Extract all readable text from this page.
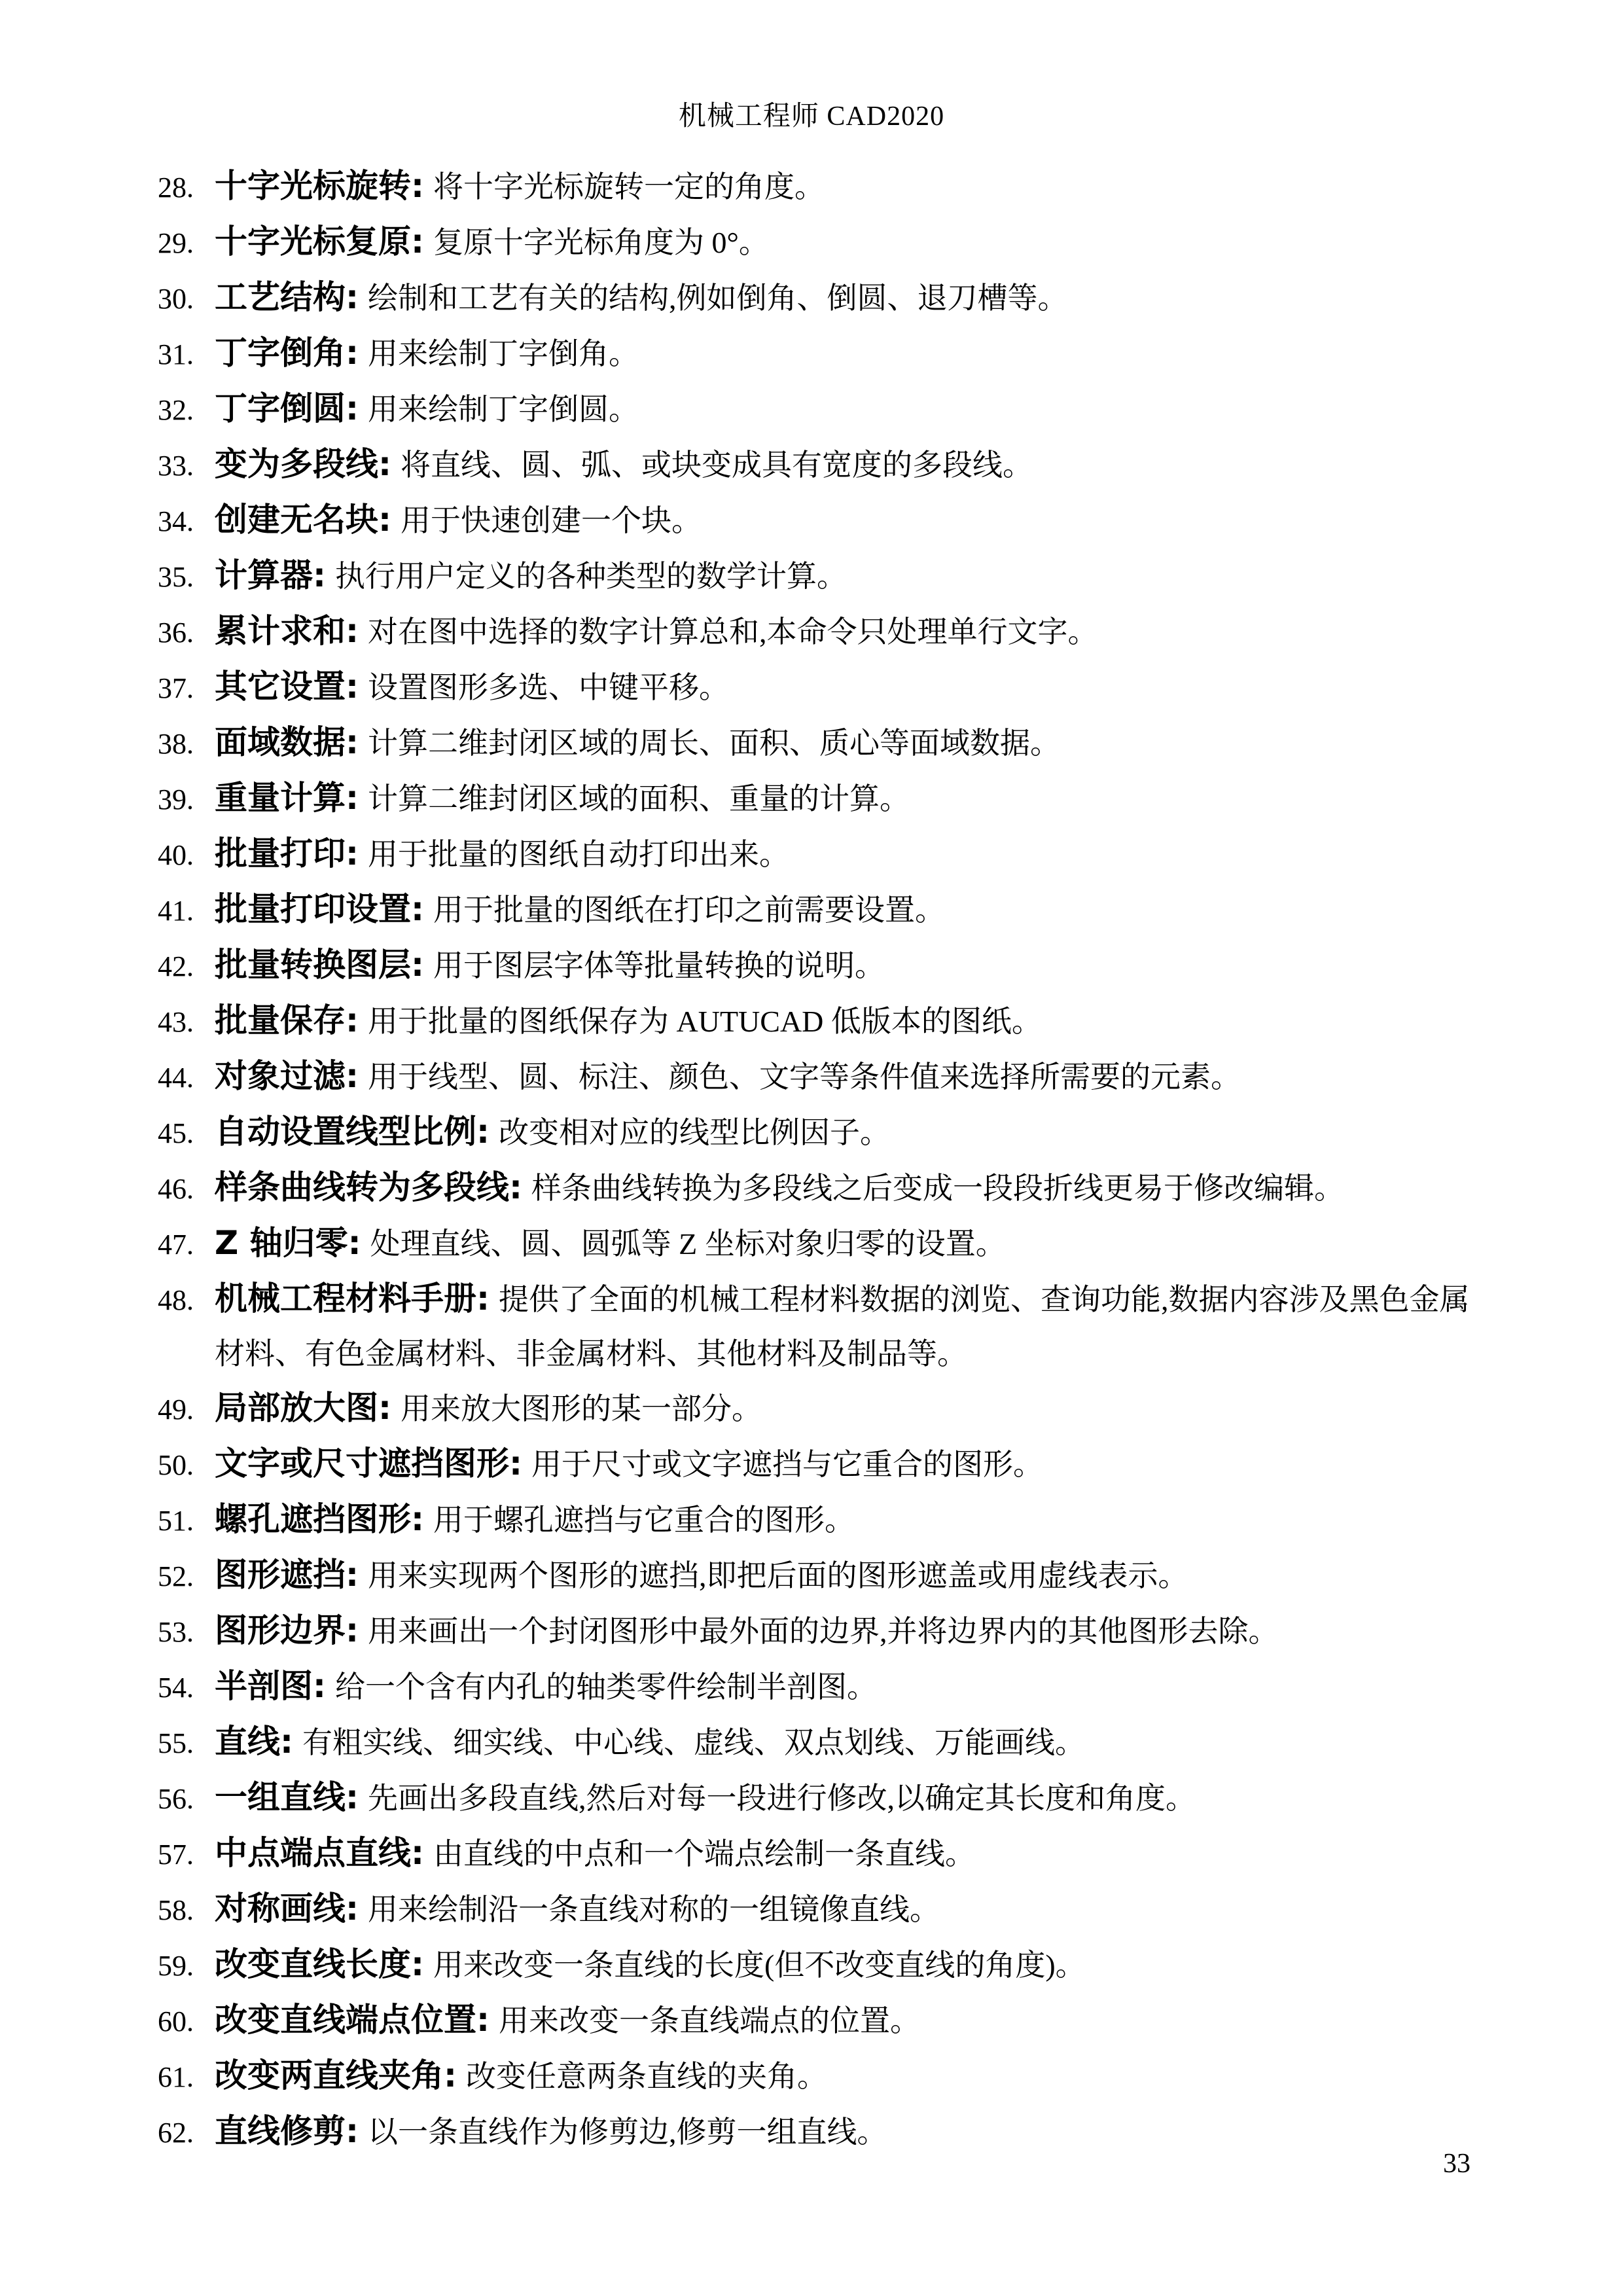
机械工程师 CAD2020
28. 十字光标旋转: 将十字光标旋转一定的角度。
29. 十字光标复原: 复原十字光标角度为 0°。
30. 工艺结构: 绘制和工艺有关的结构,例如倒角、倒圆、退刀槽等。
31. 丁字倒角: 用来绘制丁字倒角。
32. 丁字倒圆: 用来绘制丁字倒圆。
33. 变为多段线: 将直线、圆、弧、或块变成具有宽度的多段线。
34. 创建无名块: 用于快速创建一个块。
35. 计算器: 执行用户定义的各种类型的数学计算。
36. 累计求和: 对在图中选择的数字计算总和,本命令只处理单行文字。
37. 其它设置: 设置图形多选、中键平移。
38. 面域数据: 计算二维封闭区域的周长、面积、质心等面域数据。
39. 重量计算: 计算二维封闭区域的面积、重量的计算。
40. 批量打印: 用于批量的图纸自动打印出来。
41. 批量打印设置: 用于批量的图纸在打印之前需要设置。
42. 批量转换图层: 用于图层字体等批量转换的说明。
43. 批量保存: 用于批量的图纸保存为 AUTUCAD 低版本的图纸。
44. 对象过滤: 用于线型、圆、标注、颜色、文字等条件值来选择所需要的元素。
45. 自动设置线型比例: 改变相对应的线型比例因子。
46. 样条曲线转为多段线: 样条曲线转换为多段线之后变成一段段折线更易于修改编辑。
47. Z 轴归零: 处理直线、圆、圆弧等 Z 坐标对象归零的设置。
48. 机械工程材料手册: 提供了全面的机械工程材料数据的浏览、查询功能,数据内容涉及黑色金属材料、有色金属材料、非金属材料、其他材料及制品等。
49. 局部放大图: 用来放大图形的某一部分。
50. 文字或尺寸遮挡图形: 用于尺寸或文字遮挡与它重合的图形。
51. 螺孔遮挡图形: 用于螺孔遮挡与它重合的图形。
52. 图形遮挡: 用来实现两个图形的遮挡,即把后面的图形遮盖或用虚线表示。
53. 图形边界: 用来画出一个封闭图形中最外面的边界,并将边界内的其他图形去除。
54. 半剖图: 给一个含有内孔的轴类零件绘制半剖图。
55. 直线: 有粗实线、细实线、中心线、虚线、双点划线、万能画线。
56. 一组直线: 先画出多段直线,然后对每一段进行修改,以确定其长度和角度。
57. 中点端点直线: 由直线的中点和一个端点绘制一条直线。
58. 对称画线: 用来绘制沿一条直线对称的一组镜像直线。
59. 改变直线长度: 用来改变一条直线的长度(但不改变直线的角度)。
60. 改变直线端点位置: 用来改变一条直线端点的位置。
61. 改变两直线夹角: 改变任意两条直线的夹角。
62. 直线修剪: 以一条直线作为修剪边,修剪一组直线。
33
